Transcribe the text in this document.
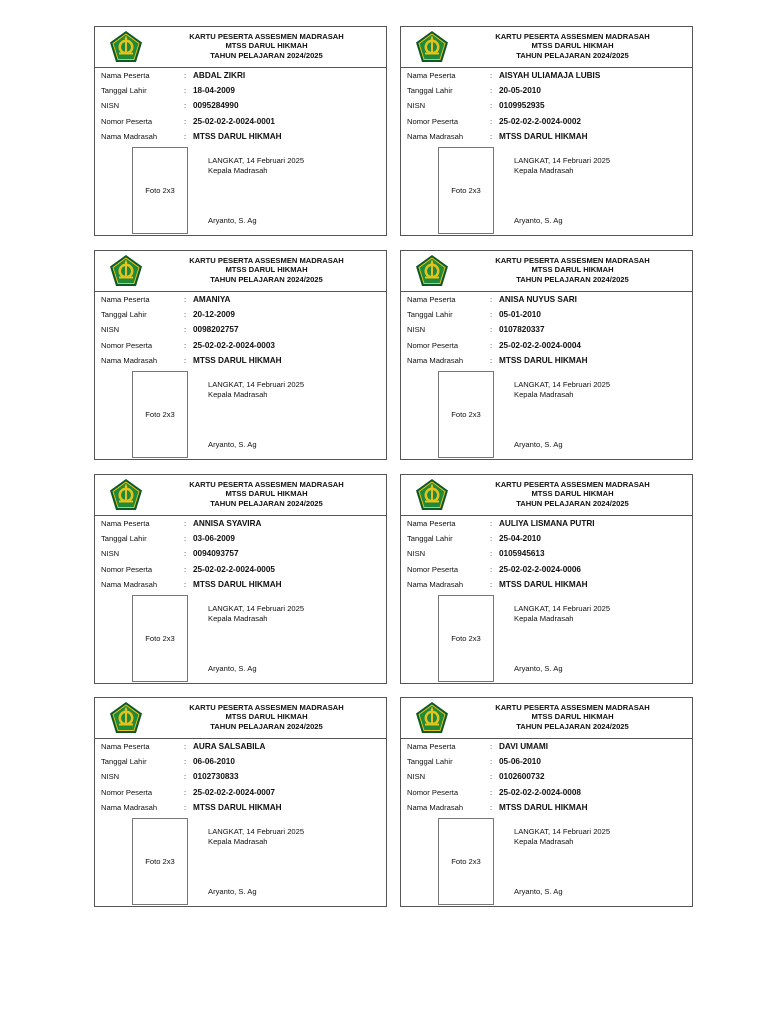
KARTU PESERTA ASSESMEN MADRASAH
MTSS DARUL HIKMAH
TAHUN PELAJARAN 2024/2025
Nama Peserta	: ABDAL ZIKRI
Tanggal Lahir	: 18-04-2009
NISN	: 0095284990
Nomor Peserta	: 25-02-02-2-0024-0001
Nama Madrasah	: MTSS DARUL HIKMAH
Foto 2x3
LANGKAT, 14 Februari 2025
Kepala Madrasah
Aryanto, S. Ag
KARTU PESERTA ASSESMEN MADRASAH
MTSS DARUL HIKMAH
TAHUN PELAJARAN 2024/2025
Nama Peserta	: AISYAH ULIAMAJA LUBIS
Tanggal Lahir	: 20-05-2010
NISN	: 0109952935
Nomor Peserta	: 25-02-02-2-0024-0002
Nama Madrasah	: MTSS DARUL HIKMAH
Foto 2x3
LANGKAT, 14 Februari 2025
Kepala Madrasah
Aryanto, S. Ag
KARTU PESERTA ASSESMEN MADRASAH
MTSS DARUL HIKMAH
TAHUN PELAJARAN 2024/2025
Nama Peserta	: AMANIYA
Tanggal Lahir	: 20-12-2009
NISN	: 0098202757
Nomor Peserta	: 25-02-02-2-0024-0003
Nama Madrasah	: MTSS DARUL HIKMAH
Foto 2x3
LANGKAT, 14 Februari 2025
Kepala Madrasah
Aryanto, S. Ag
KARTU PESERTA ASSESMEN MADRASAH
MTSS DARUL HIKMAH
TAHUN PELAJARAN 2024/2025
Nama Peserta	: ANISA NUYUS SARI
Tanggal Lahir	: 05-01-2010
NISN	: 0107820337
Nomor Peserta	: 25-02-02-2-0024-0004
Nama Madrasah	: MTSS DARUL HIKMAH
Foto 2x3
LANGKAT, 14 Februari 2025
Kepala Madrasah
Aryanto, S. Ag
KARTU PESERTA ASSESMEN MADRASAH
MTSS DARUL HIKMAH
TAHUN PELAJARAN 2024/2025
Nama Peserta	: ANNISA SYAVIRA
Tanggal Lahir	: 03-06-2009
NISN	: 0094093757
Nomor Peserta	: 25-02-02-2-0024-0005
Nama Madrasah	: MTSS DARUL HIKMAH
Foto 2x3
LANGKAT, 14 Februari 2025
Kepala Madrasah
Aryanto, S. Ag
KARTU PESERTA ASSESMEN MADRASAH
MTSS DARUL HIKMAH
TAHUN PELAJARAN 2024/2025
Nama Peserta	: AULIYA LISMANA PUTRI
Tanggal Lahir	: 25-04-2010
NISN	: 0105945613
Nomor Peserta	: 25-02-02-2-0024-0006
Nama Madrasah	: MTSS DARUL HIKMAH
Foto 2x3
LANGKAT, 14 Februari 2025
Kepala Madrasah
Aryanto, S. Ag
KARTU PESERTA ASSESMEN MADRASAH
MTSS DARUL HIKMAH
TAHUN PELAJARAN 2024/2025
Nama Peserta	: AURA SALSABILA
Tanggal Lahir	: 06-06-2010
NISN	: 0102730833
Nomor Peserta	: 25-02-02-2-0024-0007
Nama Madrasah	: MTSS DARUL HIKMAH
Foto 2x3
LANGKAT, 14 Februari 2025
Kepala Madrasah
Aryanto, S. Ag
KARTU PESERTA ASSESMEN MADRASAH
MTSS DARUL HIKMAH
TAHUN PELAJARAN 2024/2025
Nama Peserta	: DAVI UMAMI
Tanggal Lahir	: 05-06-2010
NISN	: 0102600732
Nomor Peserta	: 25-02-02-2-0024-0008
Nama Madrasah	: MTSS DARUL HIKMAH
Foto 2x3
LANGKAT, 14 Februari 2025
Kepala Madrasah
Aryanto, S. Ag
